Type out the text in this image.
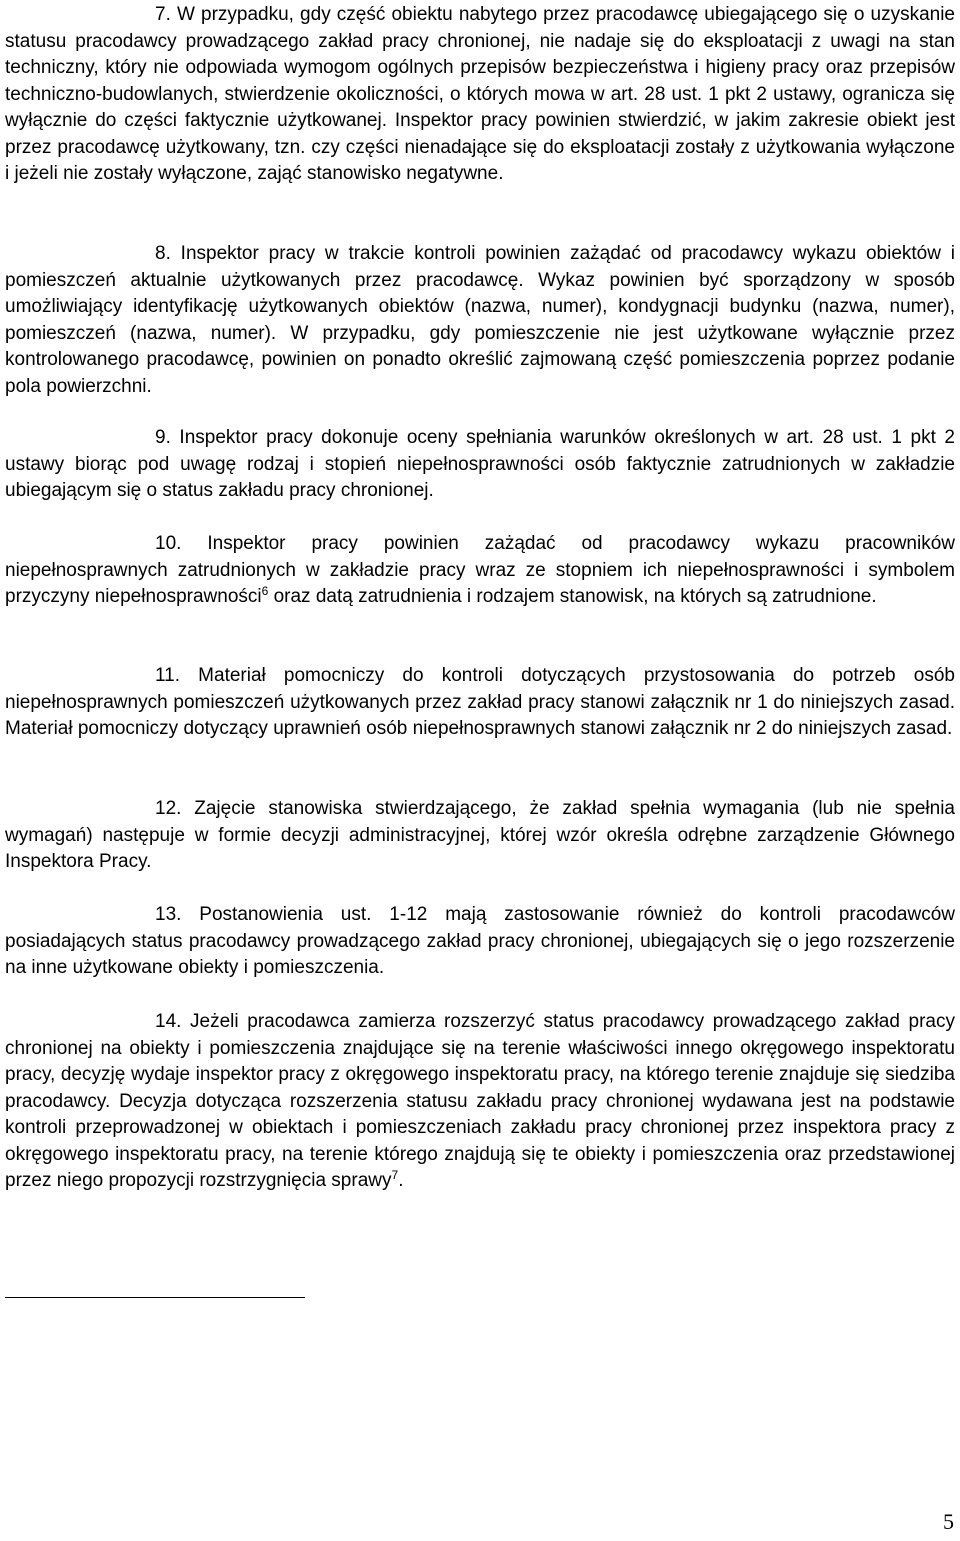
7. W przypadku, gdy część obiektu nabytego przez pracodawcę ubiegającego się o uzyskanie statusu pracodawcy prowadzącego zakład pracy chronionej, nie nadaje się do eksploatacji z uwagi na stan techniczny, który nie odpowiada wymogom ogólnych przepisów bezpieczeństwa i higieny pracy oraz przepisów techniczno-budowlanych, stwierdzenie okoliczności, o których mowa w art. 28 ust. 1 pkt 2 ustawy, ogranicza się wyłącznie do części faktycznie użytkowanej. Inspektor pracy powinien stwierdzić, w jakim zakresie obiekt jest przez pracodawcę użytkowany, tzn. czy części nienadające się do eksploatacji zostały z użytkowania wyłączone i jeżeli nie zostały wyłączone, zająć stanowisko negatywne.

8. Inspektor pracy w trakcie kontroli powinien zażądać od pracodawcy wykazu obiektów i pomieszczeń aktualnie użytkowanych przez pracodawcę. Wykaz powinien być sporządzony w sposób umożliwiający identyfikację użytkowanych obiektów (nazwa, numer), kondygnacji budynku (nazwa, numer), pomieszczeń (nazwa, numer). W przypadku, gdy pomieszczenie nie jest użytkowane wyłącznie przez kontrolowanego pracodawcę, powinien on ponadto określić zajmowaną część pomieszczenia poprzez podanie pola powierzchni.

9. Inspektor pracy dokonuje oceny spełniania warunków określonych w art. 28 ust. 1 pkt 2 ustawy biorąc pod uwagę rodzaj i stopień niepełnosprawności osób faktycznie zatrudnionych w zakładzie ubiegającym się o status zakładu pracy chronionej.

10. Inspektor pracy powinien zażądać od pracodawcy wykazu pracowników niepełnosprawnych zatrudnionych w zakładzie pracy wraz ze stopniem ich niepełnosprawności i symbolem przyczyny niepełnosprawności$^6$ oraz datą zatrudnienia i rodzajem stanowisk, na których są zatrudnione.

11. Materiał pomocniczy do kontroli dotyczących przystosowania do potrzeb osób niepełnosprawnych pomieszczeń użytkowanych przez zakład pracy stanowi załącznik nr 1 do niniejszych zasad. Materiał pomocniczy dotyczący uprawnień osób niepełnosprawnych stanowi załącznik nr 2 do niniejszych zasad.

12. Zajęcie stanowiska stwierdzającego, że zakład spełnia wymagania (lub nie spełnia wymagań) następuje w formie decyzji administracyjnej, której wzór określa odrębne zarządzenie Głównego Inspektora Pracy.

13. Postanowienia ust. 1-12 mają zastosowanie również do kontroli pracodawców posiadających status pracodawcy prowadzącego zakład pracy chronionej, ubiegających się o jego rozszerzenie na inne użytkowane obiekty i pomieszczenia.

14. Jeżeli pracodawca zamierza rozszerzyć status pracodawcy prowadzącego zakład pracy chronionej na obiekty i pomieszczenia znajdujące się na terenie właściwości innego okręgowego inspektoratu pracy, decyzję wydaje inspektor pracy z okręgowego inspektoratu pracy, na którego terenie znajduje się siedziba pracodawcy. Decyzja dotycząca rozszerzenia statusu zakładu pracy chronionej wydawana jest na podstawie kontroli przeprowadzonej w obiektach i pomieszczeniach zakładu pracy chronionej przez inspektora pracy z okręgowego inspektoratu pracy, na terenie którego znajdują się te obiekty i pomieszczenia oraz przedstawionej przez niego propozycji rozstrzygnięcia sprawy$^7$.

5
